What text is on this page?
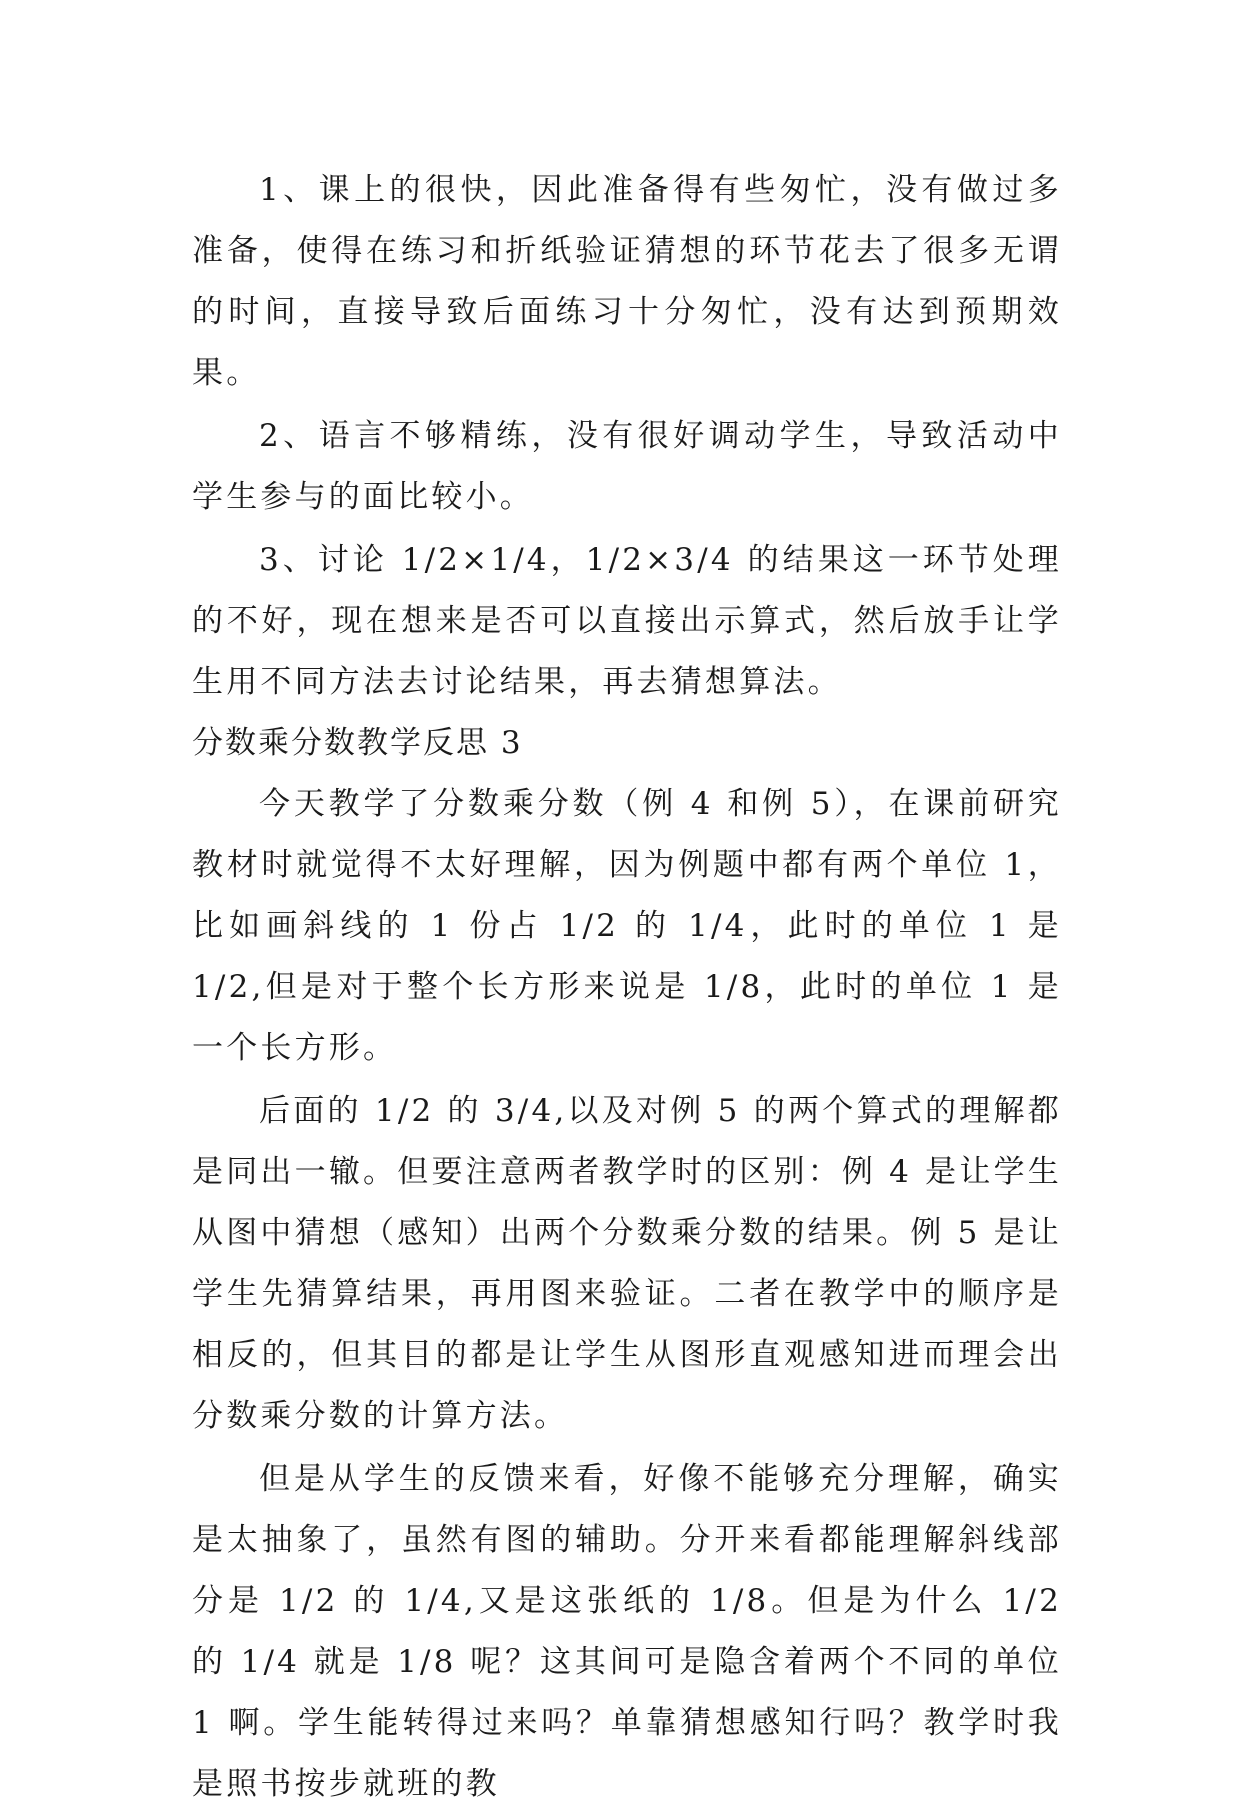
1、课上的很快，因此准备得有些匆忙，没有做过多准备，使得在练习和折纸验证猜想的环节花去了很多无谓的时间，直接导致后面练习十分匆忙，没有达到预期效果。

2、语言不够精练，没有很好调动学生，导致活动中学生参与的面比较小。

3、讨论 1/2×1/4，1/2×3/4 的结果这一环节处理的不好，现在想来是否可以直接出示算式，然后放手让学生用不同方法去讨论结果，再去猜想算法。

分数乘分数教学反思 3

今天教学了分数乘分数（例 4 和例 5），在课前研究教材时就觉得不太好理解，因为例题中都有两个单位 1， 比如画斜线的 1 份占 1/2 的 1/4，此时的单位 1 是 1/2,但是对于整个长方形来说是 1/8，此时的单位 1 是一个长方形。

后面的 1/2 的 3/4,以及对例 5 的两个算式的理解都是同出一辙。但要注意两者教学时的区别：例 4 是让学生从图中猜想（感知）出两个分数乘分数的结果。例 5 是让学生先猜算结果，再用图来验证。二者在教学中的顺序是相反的，但其目的都是让学生从图形直观感知进而理会出分数乘分数的计算方法。

但是从学生的反馈来看，好像不能够充分理解，确实是太抽象了，虽然有图的辅助。分开来看都能理解斜线部分是 1/2 的 1/4,又是这张纸的 1/8。但是为什么 1/2 的 1/4 就是 1/8 呢？这其间可是隐含着两个不同的单位 1 啊。学生能转得过来吗？单靠猜想感知行吗？教学时我是照书按步就班的教
